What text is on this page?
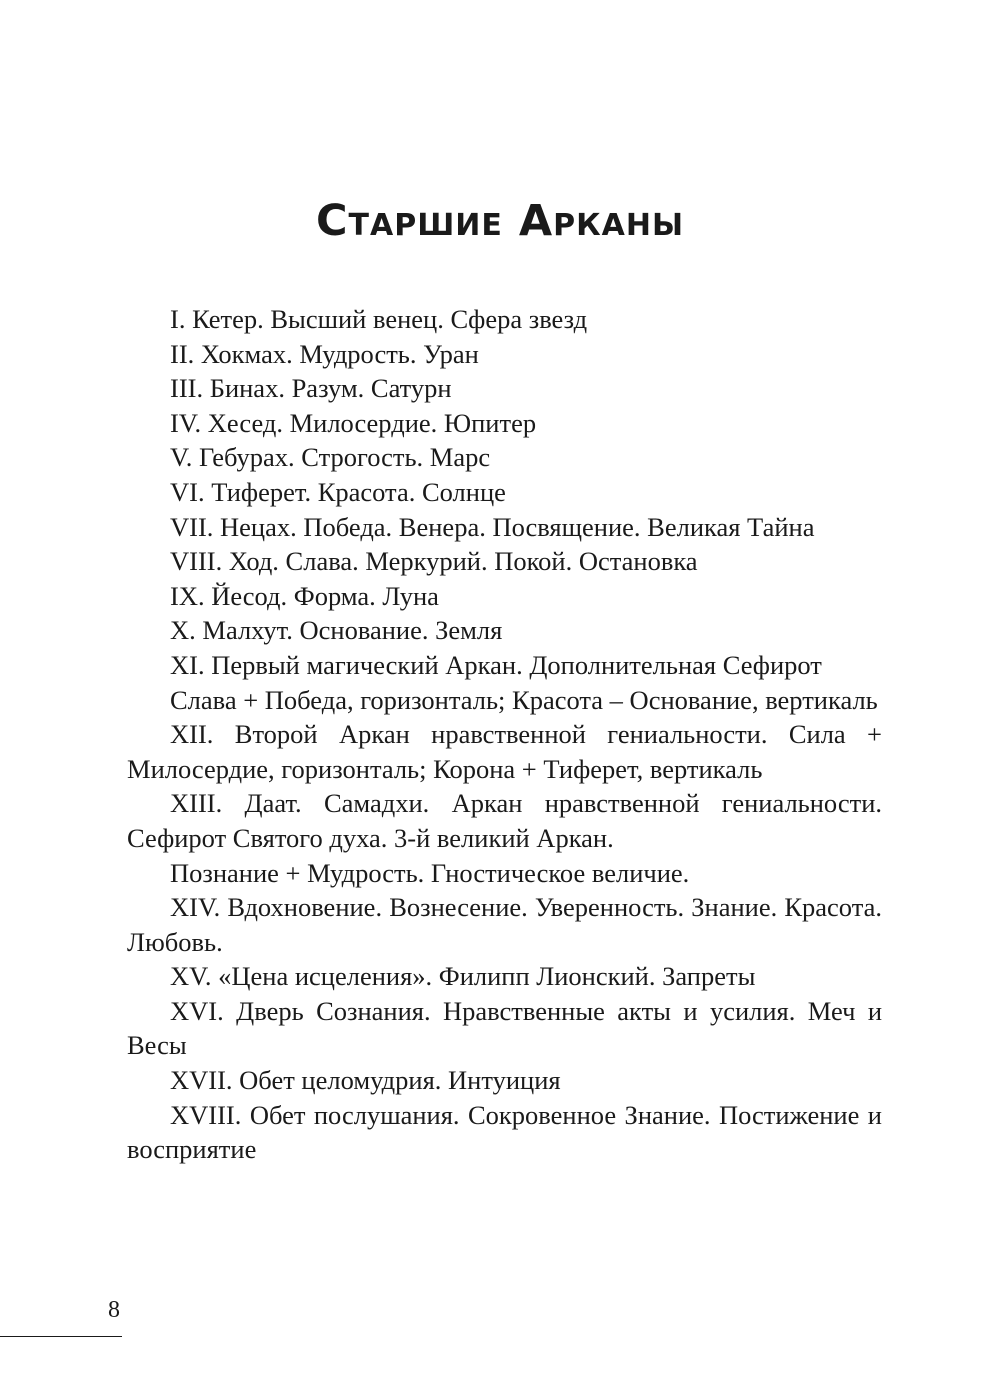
Старшие Арканы

I. Кетер. Высший венец. Сфера звезд

II. Хокмах. Мудрость. Уран

III. Бинах. Разум. Сатурн

IV. Хесед. Милосердие. Юпитер

V. Гебурах. Строгость. Марс

VI. Тиферет. Красота. Солнце

VII. Нецах. Победа. Венера. Посвящение. Великая Тайна

VIII. Ход. Слава. Меркурий. Покой. Остановка

IX. Йесод. Форма. Луна

X. Малхут. Основание. Земля

XI. Первый магический Аркан. Дополнительная Сефирот

Слава + Победа, горизонталь; Красота – Основание, вертикаль

XII. Второй Аркан нравственной гениальности. Сила + Милосердие, горизонталь; Корона + Тиферет, вертикаль

XIII. Даат. Самадхи. Аркан нравственной гениальности. Сефирот Святого духа. 3-й великий Аркан.

Познание + Мудрость. Гностическое величие.

XIV. Вдохновение. Вознесение. Уверенность. Знание. Красота. Любовь.

XV. «Цена исцеления». Филипп Лионский. Запреты

XVI. Дверь Сознания. Нравственные акты и усилия. Меч и Весы

XVII. Обет целомудрия. Интуиция

XVIII. Обет послушания. Сокровенное Знание. Постижение и восприятие

8
